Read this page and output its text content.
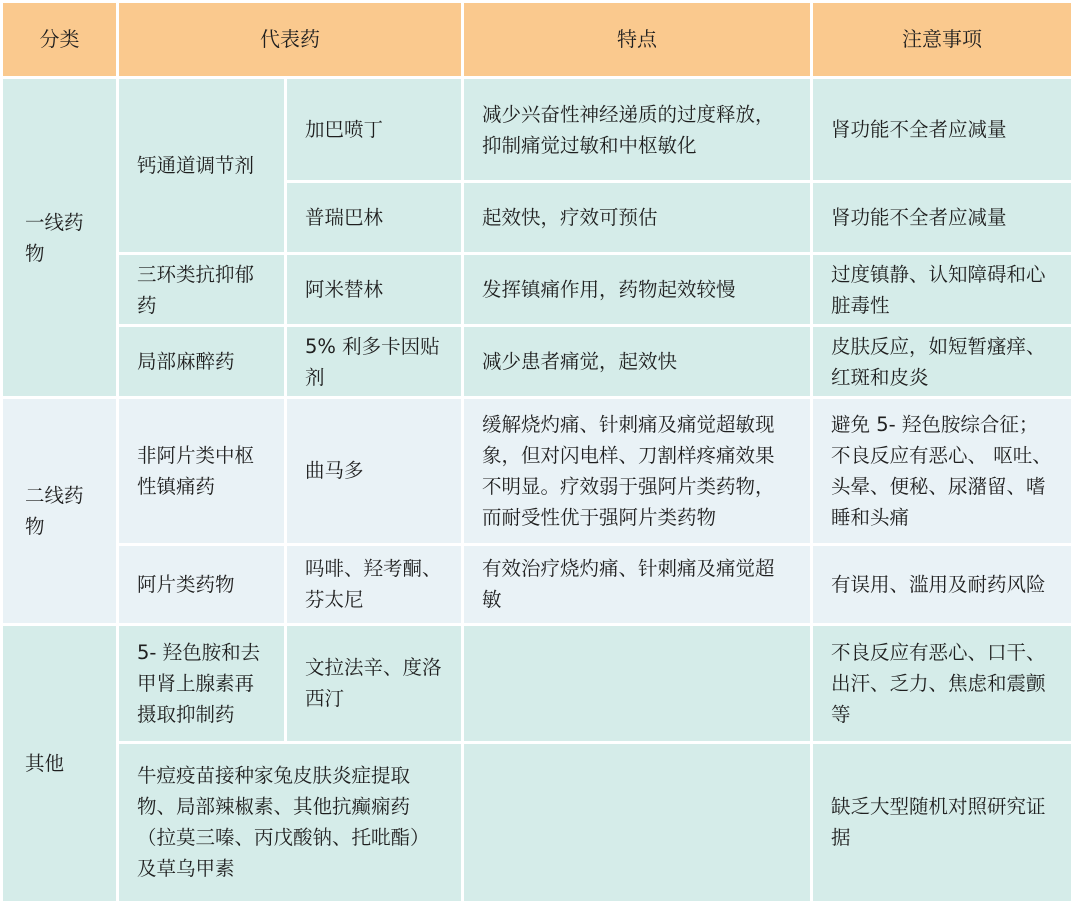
分类	代表药		特点	注意事项
一线药物	钙通道调节剂	加巴喷丁	减少兴奋性神经递质的过度释放，抑制痛觉过敏和中枢敏化	肾功能不全者应减量
		普瑞巴林	起效快，疗效可预估	肾功能不全者应减量
	三环类抗抑郁药	阿米替林	发挥镇痛作用，药物起效较慢	过度镇静、认知障碍和心脏毒性
	局部麻醉药	5% 利多卡因贴剂	减少患者痛觉，起效快	皮肤反应，如短暂瘙痒、红斑和皮炎
二线药物	非阿片类中枢性镇痛药	曲马多	缓解烧灼痛、针刺痛及痛觉超敏现象，但对闪电样、刀割样疼痛效果不明显。疗效弱于强阿片类药物，而耐受性优于强阿片类药物	避免 5- 羟色胺综合征；不良反应有恶心、 呕吐、头晕、便秘、尿潴留、嗜睡和头痛
	阿片类药物	吗啡、羟考酮、芬太尼	有效治疗烧灼痛、针刺痛及痛觉超敏	有误用、滥用及耐药风险
其他	5- 羟色胺和去甲肾上腺素再摄取抑制药	文拉法辛、度洛西汀		不良反应有恶心、口干、出汗、乏力、焦虑和震颤等
	牛痘疫苗接种家兔皮肤炎症提取物、局部辣椒素、其他抗癫痫药（拉莫三嗪、丙戊酸钠、托吡酯）及草乌甲素			缺乏大型随机对照研究证据
